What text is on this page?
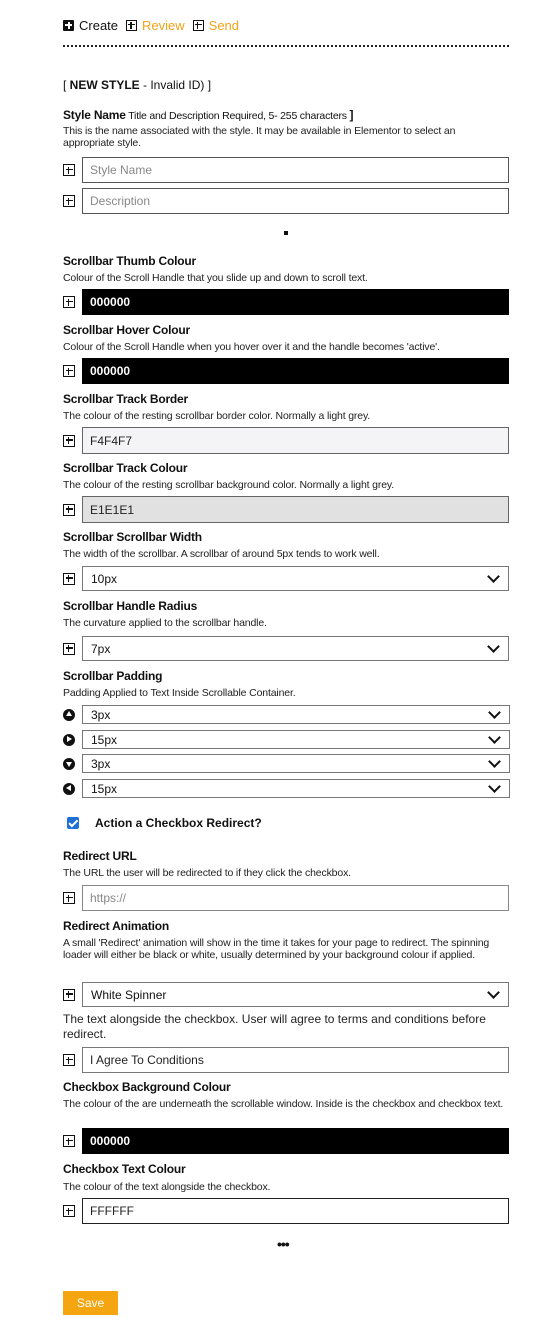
Create Review Send
[ NEW STYLE - Invalid ID) ]
Style Name Title and Description Required, 5- 255 characters ]
This is the name associated with the style. It may be available in Elementor to select an appropriate style.
Style Name
Description
Scrollbar Thumb Colour
Colour of the Scroll Handle that you slide up and down to scroll text.
000000
Scrollbar Hover Colour
Colour of the Scroll Handle when you hover over it and the handle becomes 'active'.
000000
Scrollbar Track Border
The colour of the resting scrollbar border color. Normally a light grey.
F4F4F7
Scrollbar Track Colour
The colour of the resting scrollbar background color. Normally a light grey.
E1E1E1
Scrollbar Scrollbar Width
The width of the scrollbar. A scrollbar of around 5px tends to work well.
10px
Scrollbar Handle Radius
The curvature applied to the scrollbar handle.
7px
Scrollbar Padding
Padding Applied to Text Inside Scrollable Container.
3px
15px
3px
15px
Action a Checkbox Redirect?
Redirect URL
The URL the user will be redirected to if they click the checkbox.
https://
Redirect Animation
A small 'Redirect' animation will show in the time it takes for your page to redirect. The spinning loader will either be black or white, usually determined by your background colour if applied.
White Spinner
The text alongside the checkbox. User will agree to terms and conditions before redirect.
I Agree To Conditions
Checkbox Background Colour
The colour of the are underneath the scrollable window. Inside is the checkbox and checkbox text.
000000
Checkbox Text Colour
The colour of the text alongside the checkbox.
FFFFFF
•••
Save
